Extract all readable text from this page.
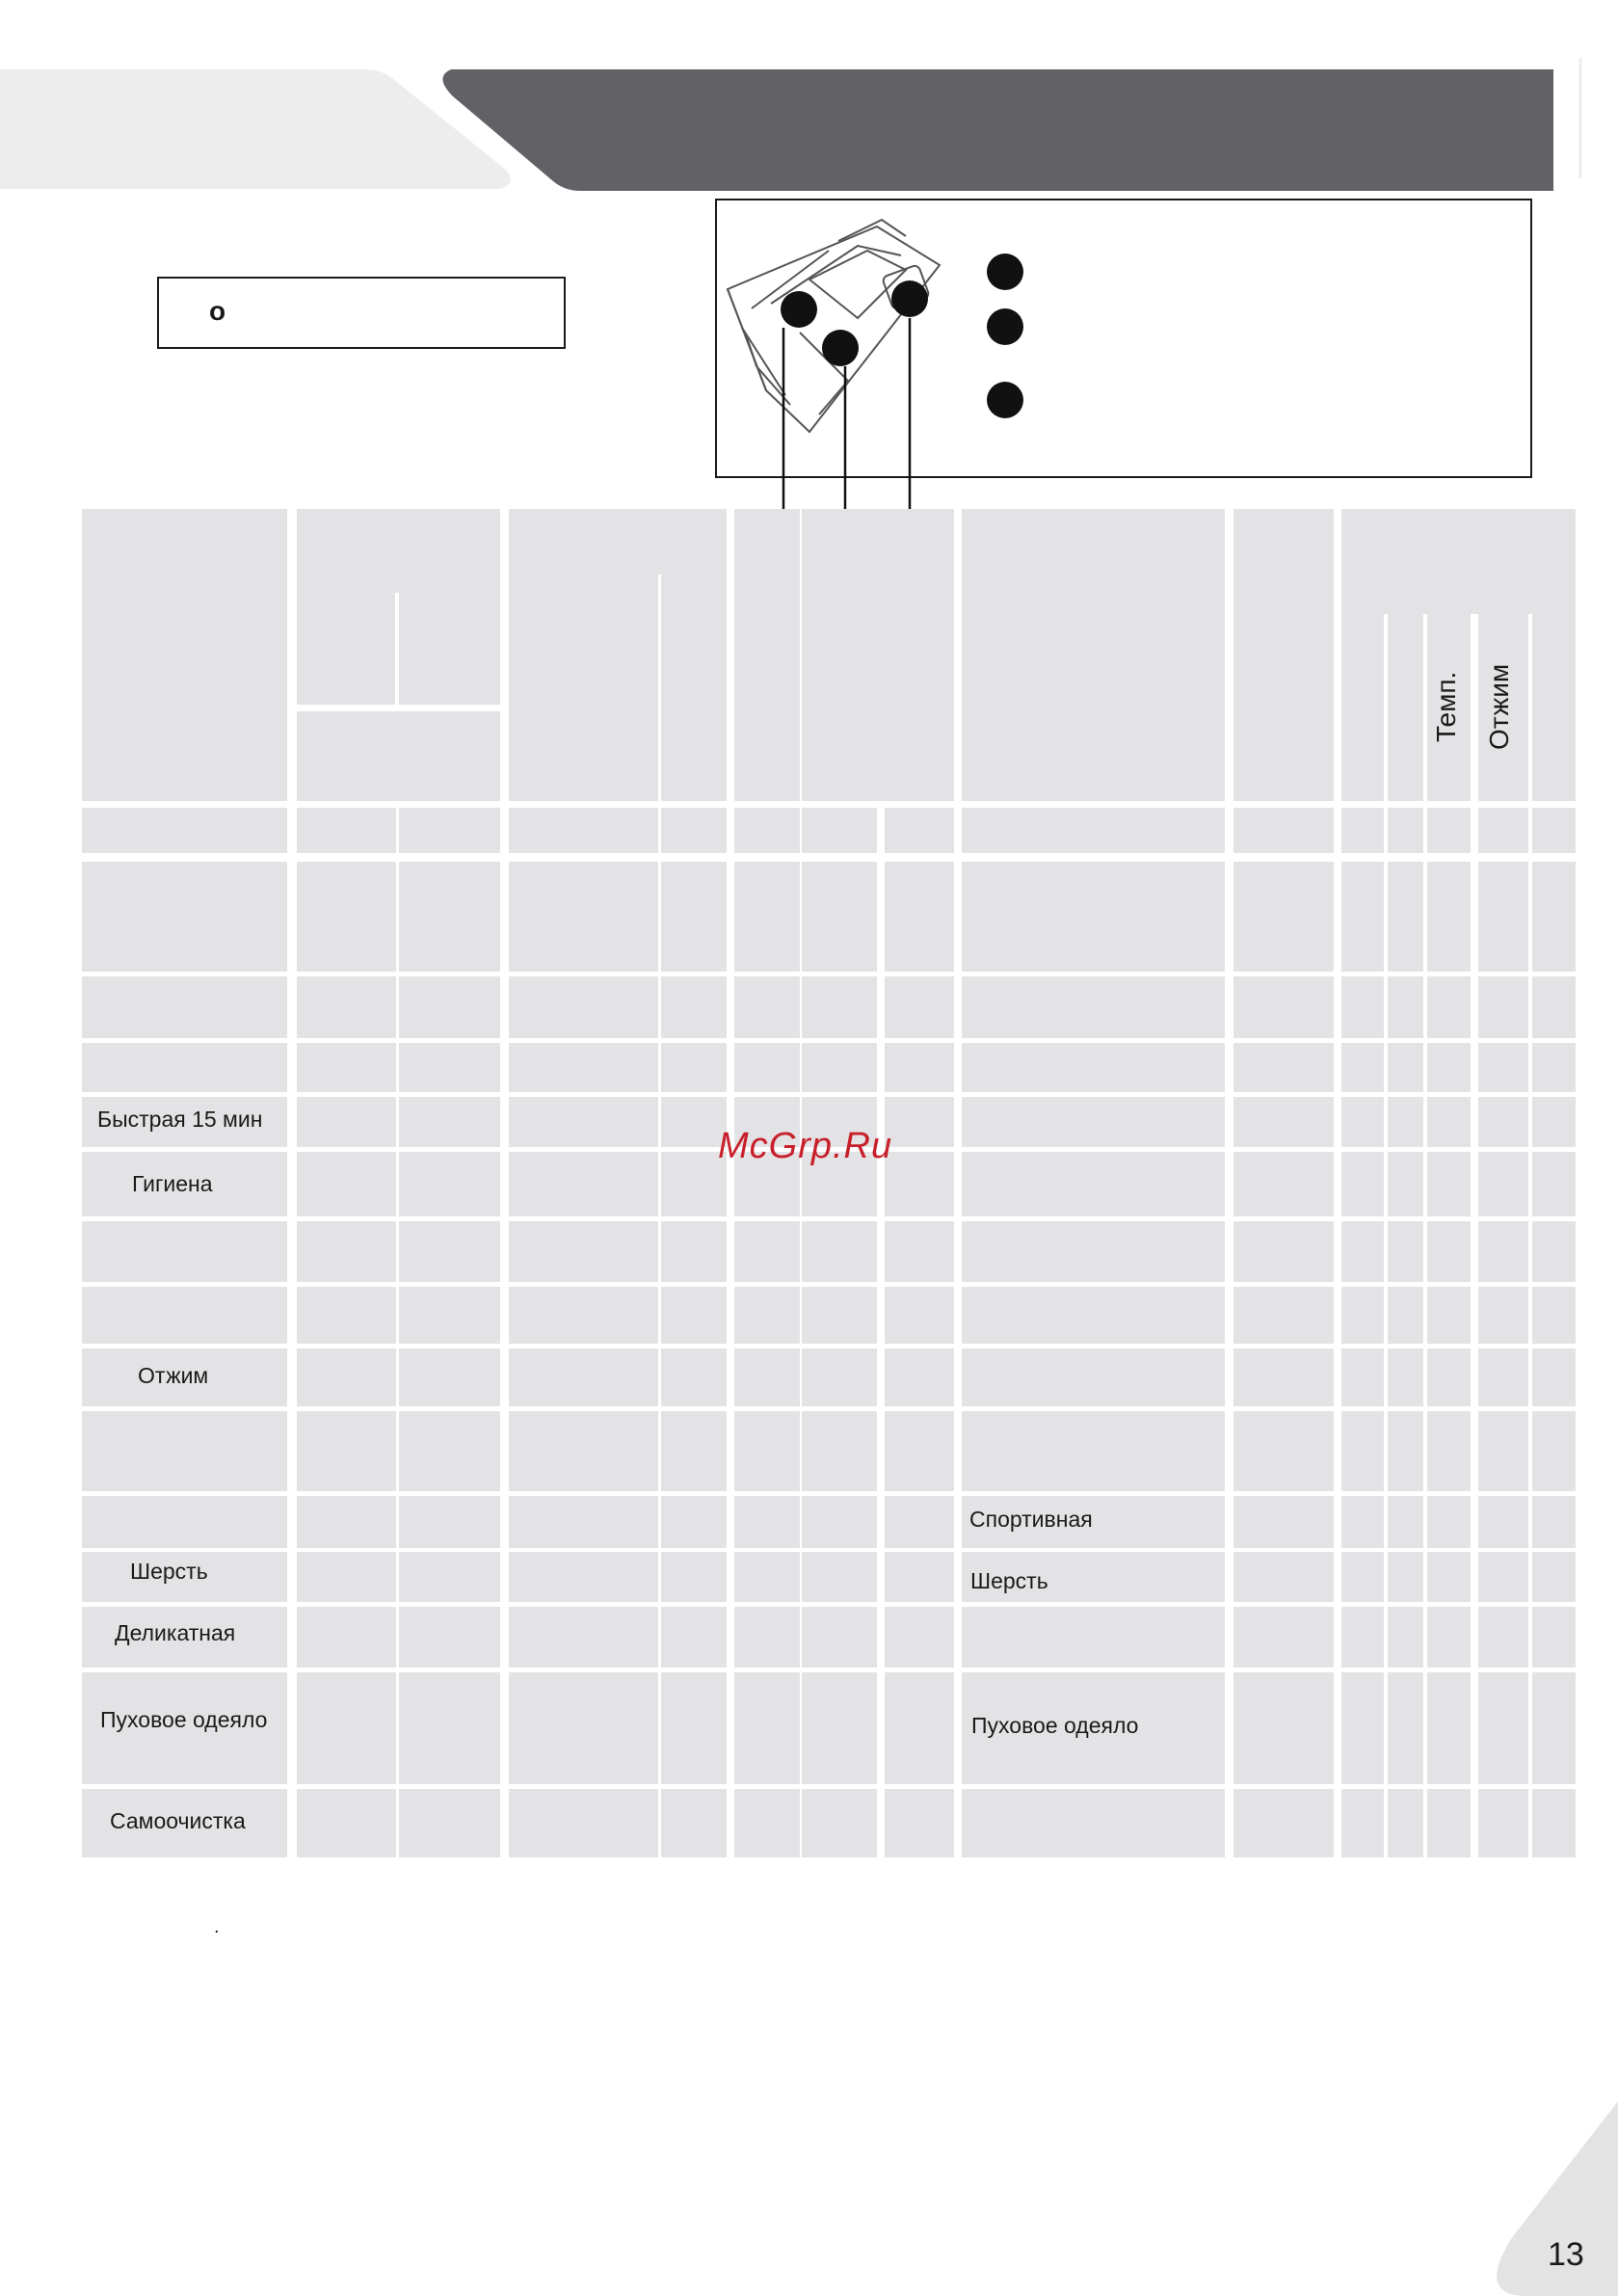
o
Темп. Отжим
Быстрая 15 мин
Гигиена
Отжим
Шерсть
Деликатная
Пуховое одеяло
Самоочистка
Спортивная
Шерсть
Пуховое одеяло
McGrp.Ru
.
13
